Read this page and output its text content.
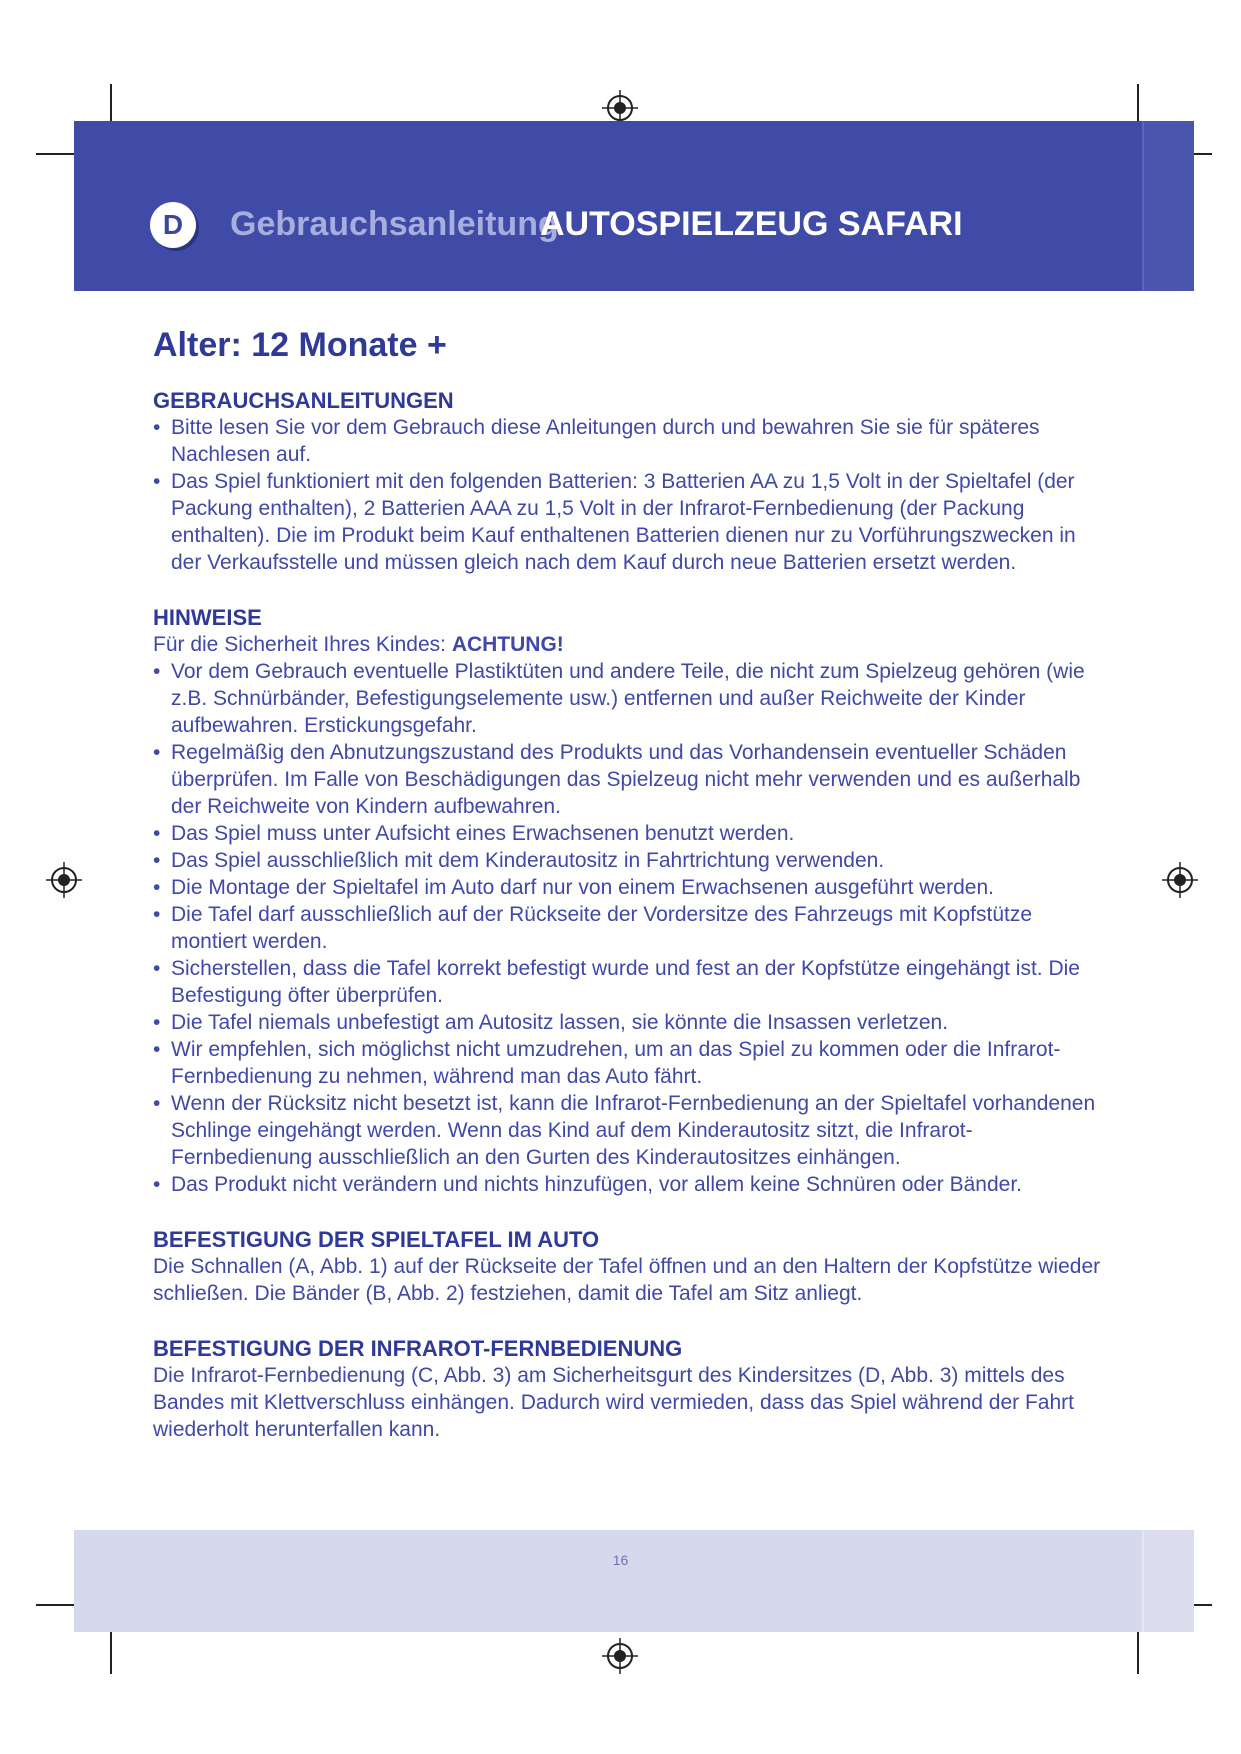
D	Gebrauchsanleitung
AUTOSPIELZEUG SAFARI
Alter: 12 Monate +
GEBRAUCHSANLEITUNGEN
• Bitte lesen Sie vor dem Gebrauch diese Anleitungen durch und bewahren Sie sie für späteres Nachlesen auf.
• Das Spiel funktioniert mit den folgenden Batterien: 3 Batterien AA zu 1,5 Volt in der Spieltafel (der Packung enthalten), 2 Batterien AAA zu 1,5 Volt in der Infrarot-Fernbedienung (der Packung enthalten). Die im Produkt beim Kauf enthaltenen Batterien dienen nur zu Vorführungszwecken in der Verkaufsstelle und müssen gleich nach dem Kauf durch neue Batterien ersetzt werden.
HINWEISE

Für die Sicherheit Ihres Kindes: ACHTUNG!

• Vor dem Gebrauch eventuelle Plastiktüten und andere Teile, die nicht zum Spielzeug gehören (wie z.B. Schnürbänder, Befestigungselemente usw.) entfernen und außer Reichweite der Kinder aufbewahren. Erstickungsgefahr.
• Regelmäßig den Abnutzungszustand des Produkts und das Vorhandensein eventueller Schäden überprüfen. Im Falle von Beschädigungen das Spielzeug nicht mehr verwenden und es außerhalb der Reichweite von Kindern aufbewahren.
• Das Spiel muss unter Aufsicht eines Erwachsenen benutzt werden.
• Das Spiel ausschließlich mit dem Kinderautositz in Fahrtrichtung verwenden.
• Die Montage der Spieltafel im Auto darf nur von einem Erwachsenen ausgeführt werden.
• Die Tafel darf ausschließlich auf der Rückseite der Vordersitze des Fahrzeugs mit Kopfstütze montiert werden.
• Sicherstellen, dass die Tafel korrekt befestigt wurde und fest an der Kopfstütze eingehängt ist. Die Befestigung öfter überprüfen.
• Die Tafel niemals unbefestigt am Autositz lassen, sie könnte die Insassen verletzen.
• Wir empfehlen, sich möglichst nicht umzudrehen, um an das Spiel zu kommen oder die Infrarot-Fernbedienung zu nehmen, während man das Auto fährt.
• Wenn der Rücksitz nicht besetzt ist, kann die Infrarot-Fernbedienung an der Spieltafel vorhandenen Schlinge eingehängt werden. Wenn das Kind auf dem Kinderautositz sitzt, die Infrarot-Fernbedienung ausschließlich an den Gurten des Kinderautositzes einhängen.
• Das Produkt nicht verändern und nichts hinzufügen, vor allem keine Schnüren oder Bänder.
BEFESTIGUNG DER SPIELTAFEL IM AUTO

Die Schnallen (A, Abb. 1) auf der Rückseite der Tafel öffnen und an den Haltern der Kopfstütze wieder schließen. Die Bänder (B, Abb. 2) festziehen, damit die Tafel am Sitz anliegt.

BEFESTIGUNG DER INFRAROT-FERNBEDIENUNG

Die Infrarot-Fernbedienung (C, Abb. 3) am Sicherheitsgurt des Kindersitzes (D, Abb. 3) mittels des Bandes mit Klettverschluss einhängen. Dadurch wird vermieden, dass das Spiel während der Fahrt wiederholt herunterfallen kann.

16
